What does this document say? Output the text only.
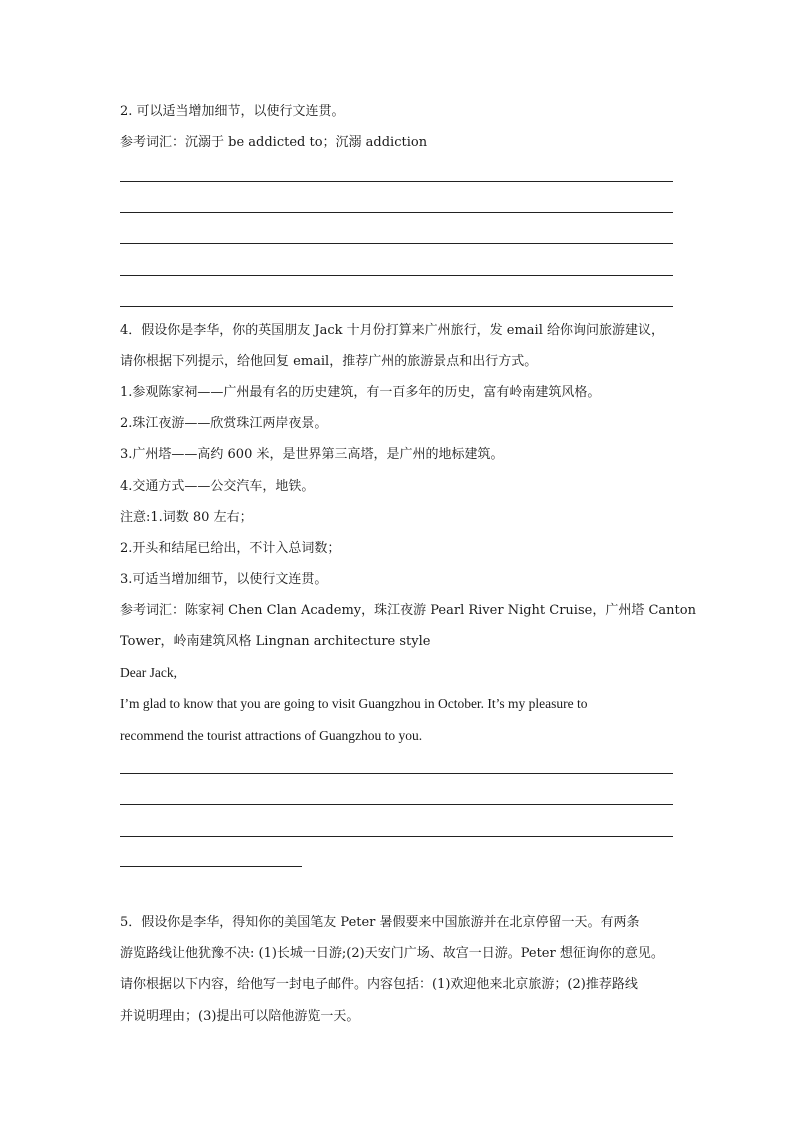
2. 可以适当增加细节，以使行文连贯。
参考词汇：沉溺于 be addicted to；沉溺 addiction
4．假设你是李华，你的英国朋友 Jack 十月份打算来广州旅行，发 email 给你询问旅游建议，
请你根据下列提示，给他回复 email，推荐广州的旅游景点和出行方式。
1.参观陈家祠——广州最有名的历史建筑，有一百多年的历史，富有岭南建筑风格。
2.珠江夜游——欣赏珠江两岸夜景。
3.广州塔——高约 600 米，是世界第三高塔，是广州的地标建筑。
4.交通方式——公交汽车，地铁。
注意:1.词数 80 左右；
2.开头和结尾已给出，不计入总词数；
3.可适当增加细节，以使行文连贯。
参考词汇：陈家祠 Chen Clan Academy，珠江夜游 Pearl River Night Cruise，广州塔 Canton
Tower，岭南建筑风格 Lingnan architecture style
Dear Jack,
I’m glad to know that you are going to visit Guangzhou in October. It’s my pleasure to
recommend the tourist attractions of Guangzhou to you.
5．假设你是李华，得知你的美国笔友 Peter 暑假要来中国旅游并在北京停留一天。有两条
游览路线让他犹豫不决: (1)长城一日游;(2)天安门广场、故宫一日游。Peter 想征询你的意见。
请你根据以下内容，给他写一封电子邮件。内容包括：(1)欢迎他来北京旅游；(2)推荐路线
并说明理由；(3)提出可以陪他游览一天。
